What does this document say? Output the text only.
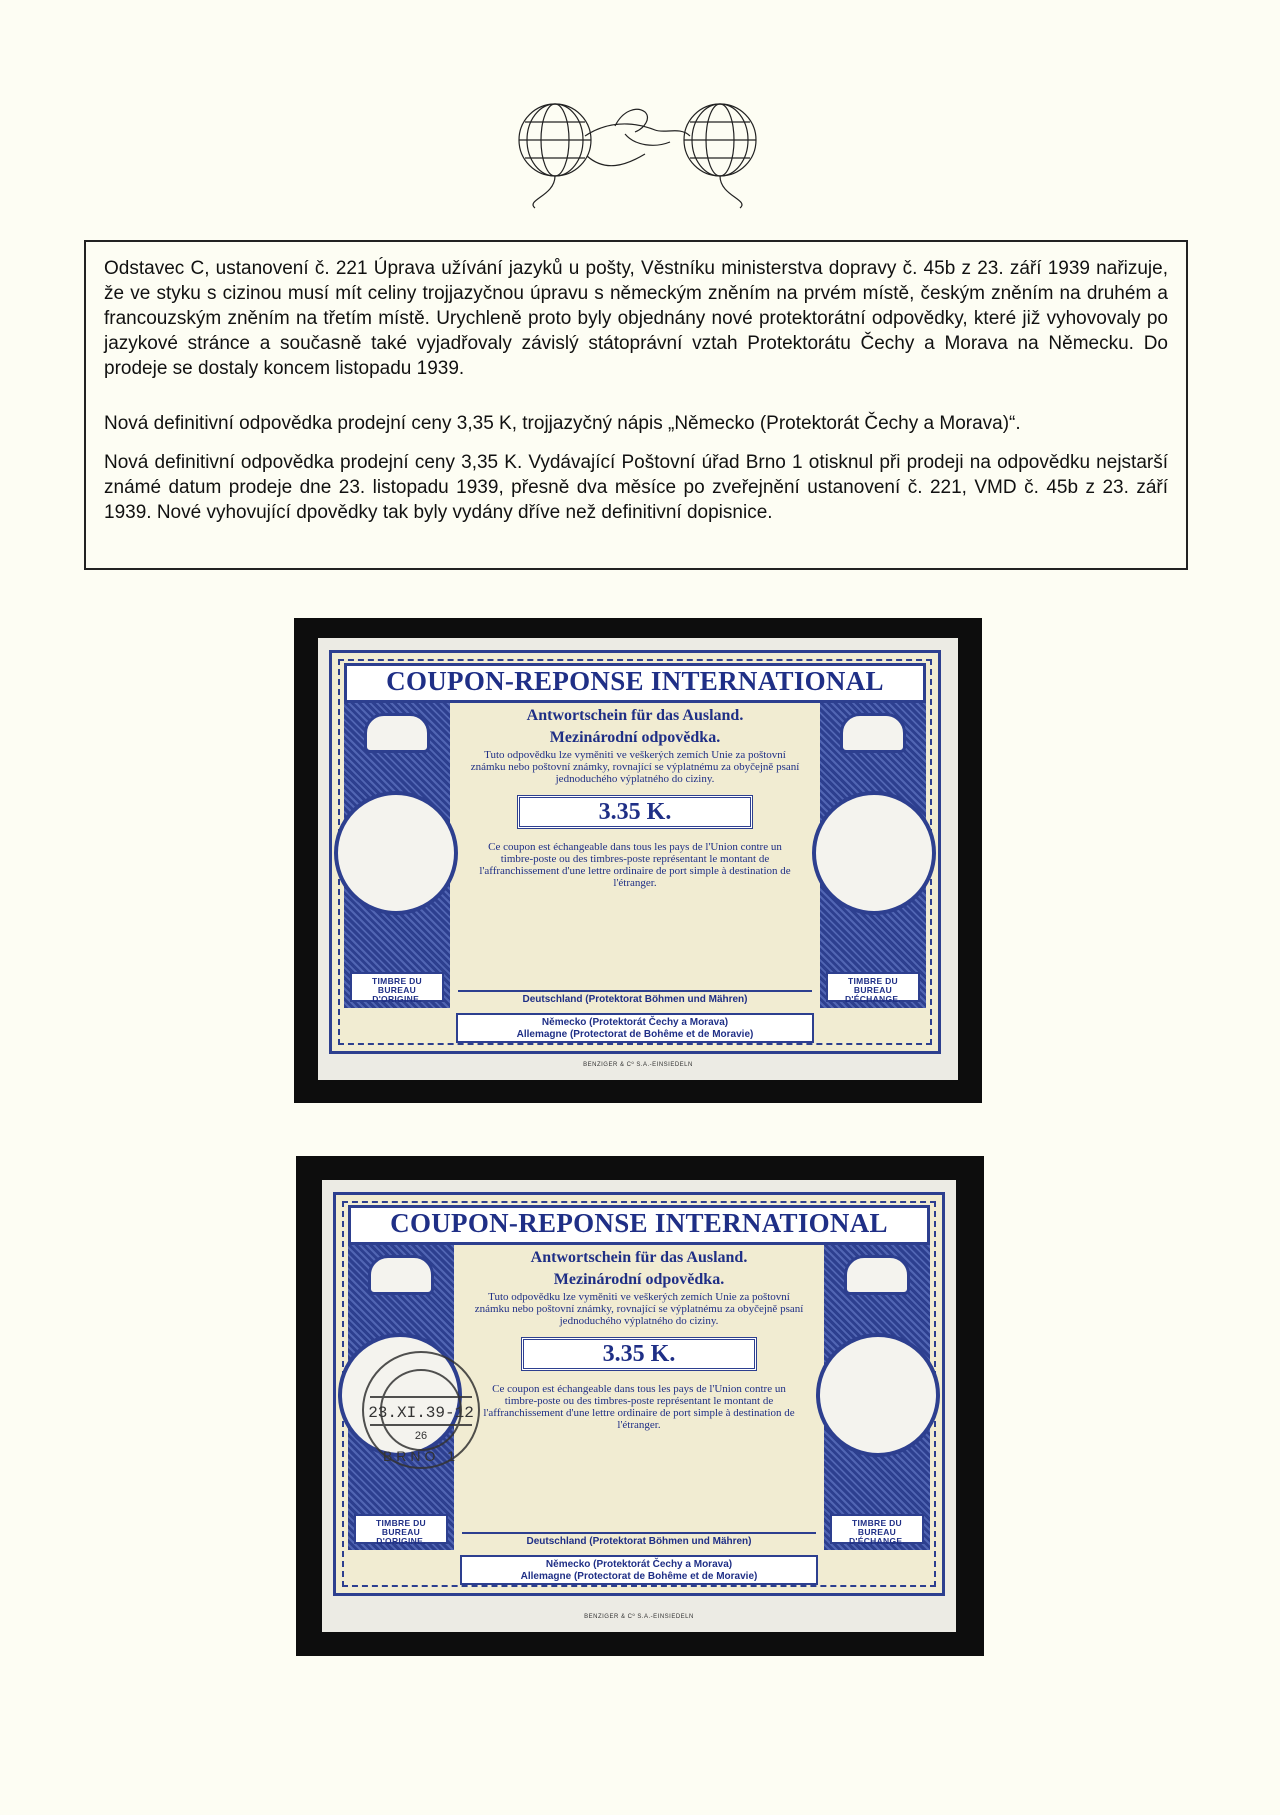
Odstavec C, ustanovení č. 221 Úprava užívání jazyků u pošty, Věstníku ministerstva dopravy č. 45b z 23. září 1939 nařizuje, že ve styku s cizinou musí mít celiny trojjazyčnou úpravu s německým zněním na prvém místě, českým zněním na druhém a francouzským zněním na třetím místě. Urychleně proto byly objednány nové protektorátní odpovědky, které již vyhovovaly po jazykové stránce a současně také vyjadřovaly závislý státoprávní vztah Protektorátu Čechy a Morava na Německu. Do prodeje se dostaly koncem listopadu 1939.

Nová definitivní odpovědka prodejní ceny 3,35 K, trojjazyčný nápis „Německo (Protektorát Čechy a Morava)“.

Nová definitivní odpovědka prodejní ceny 3,35 K. Vydávající Poštovní úřad Brno 1 otisknul při prodeji na odpovědku nejstarší známé datum prodeje dne 23. listopadu 1939, přesně dva měsíce po zveřejnění ustanovení č. 221, VMD č. 45b z 23. září 1939. Nové vyhovující dpovědky tak byly vydány dříve než definitivní dopisnice.

COUPON-REPONSE INTERNATIONAL
TIMBRE DU BUREAU D'ORIGINE.
TIMBRE DU BUREAU D'ÉCHANGE.
Antwortschein für das Ausland.
Mezinárodní odpovědka.
Tuto odpovědku lze vyměniti ve veškerých zemích Unie za poštovní známku nebo poštovní známky, rovnající se výplatnému za obyčejně psaní jednoduchého výplatného do ciziny.
3.35 K.
Ce coupon est échangeable dans tous les pays de l'Union contre un timbre-poste ou des timbres-poste représentant le montant de l'affranchissement d'une lettre ordinaire de port simple à destination de l'étranger.
Deutschland (Protektorat Böhmen und Mähren)
Německo (Protektorát Čechy a Morava)
Allemagne (Protectorat de Bohême et de Moravie)
BENZIGER & Cº S.A.-EINSIEDELN
COUPON-REPONSE INTERNATIONAL
TIMBRE DU BUREAU D'ORIGINE.
TIMBRE DU BUREAU D'ÉCHANGE.
Antwortschein für das Ausland.
Mezinárodní odpovědka.
Tuto odpovědku lze vyměniti ve veškerých zemích Unie za poštovní známku nebo poštovní známky, rovnající se výplatnému za obyčejně psaní jednoduchého výplatného do ciziny.
3.35 K.
Ce coupon est échangeable dans tous les pays de l'Union contre un timbre-poste ou des timbres-poste représentant le montant de l'affranchissement d'une lettre ordinaire de port simple à destination de l'étranger.
Deutschland (Protektorat Böhmen und Mähren)
Německo (Protektorát Čechy a Morava)
Allemagne (Protectorat de Bohême et de Moravie)
23.XI.39-12
26
BRNO 1
BENZIGER & Cº S.A.-EINSIEDELN
